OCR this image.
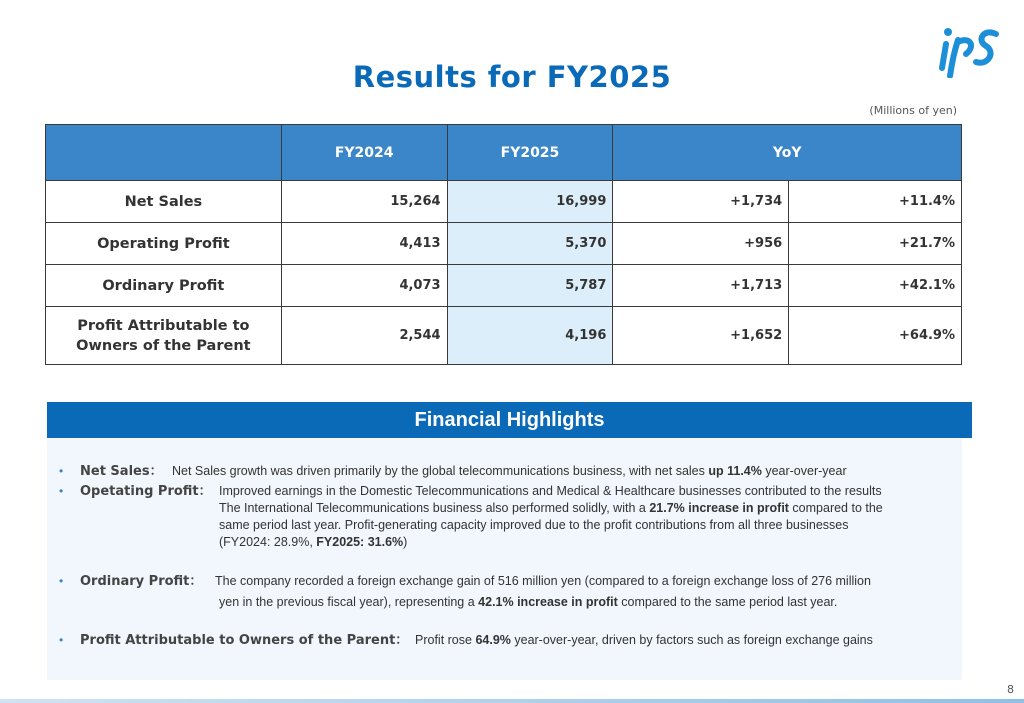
Results for FY2025
(Millions of yen)
	FY2024	FY2025	YoY	
Net Sales	15,264	16,999	+1,734	+11.4%
Operating Profit	4,413	5,370	+956	+21.7%
Ordinary Profit	4,073	5,787	+1,713	+42.1%
Profit Attributable to
Owners of the Parent	2,544	4,196	+1,652	+64.9%
Financial Highlights
• Net Sales： Net Sales growth was driven primarily by the global telecommunications business, with net sales up 11.4% year-over-year
• Opetating Profit： Improved earnings in the Domestic Telecommunications and Medical & Healthcare businesses contributed to the results
The International Telecommunications business also performed solidly, with a 21.7% increase in profit compared to the
same period last year. Profit-generating capacity improved due to the profit contributions from all three businesses
(FY2024: 28.9%, FY2025: 31.6%)
• Ordinary Profit： The company recorded a foreign exchange gain of 516 million yen (compared to a foreign exchange loss of 276 million
yen in the previous fiscal year), representing a 42.1% increase in profit compared to the same period last year.
• Profit Attributable to Owners of the Parent： Profit rose 64.9% year-over-year, driven by factors such as foreign exchange gains
8
